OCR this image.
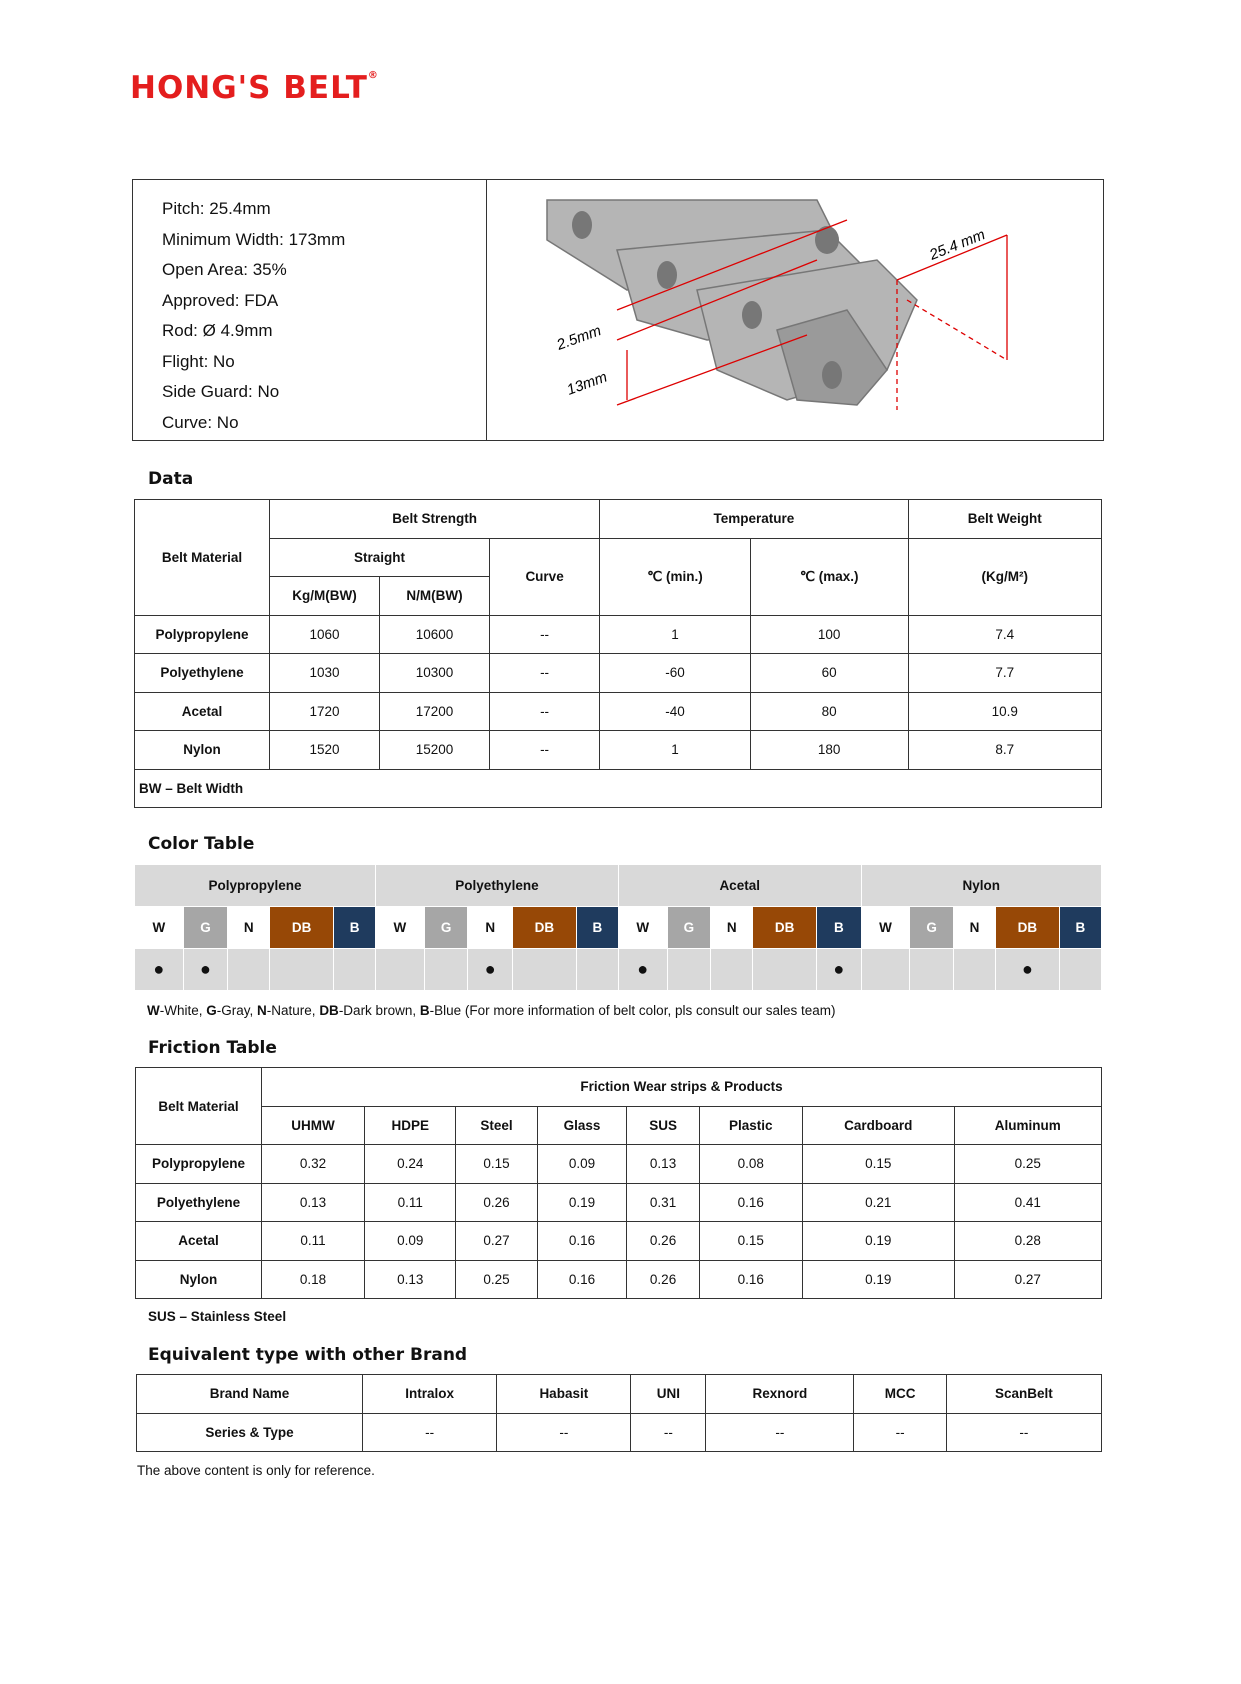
HONG'S BELT®
Pitch: 25.4mm
Minimum Width: 173mm
Open Area: 35%
Approved: FDA
Rod: Ø 4.9mm
Flight: No
Side Guard: No
Curve: No
25.4 mm
2.5mm
13mm
Data
Belt Material	Belt Strength			Temperature		Belt Weight
	Straight		Curve	℃ (min.)	℃ (max.)	(Kg/M²)
	Kg/M(BW)	N/M(BW)				
Polypropylene	1060	10600	--	1	100	7.4
Polyethylene	1030	10300	--	-60	60	7.7
Acetal	1720	17200	--	-40	80	10.9
Nylon	1520	15200	--	1	180	8.7
BW – Belt Width						
Color Table
Polypropylene					Polyethylene					Acetal					Nylon				
W	G	N	DB	B	W	G	N	DB	B	W	G	N	DB	B	W	G	N	DB	B
●	●						●			●				●				●	
W-White, G-Gray, N-Nature, DB-Dark brown, B-Blue (For more information of belt color, pls consult our sales team)
Friction Table
Belt Material	Friction Wear strips & Products							
	UHMW	HDPE	Steel	Glass	SUS	Plastic	Cardboard	Aluminum
Polypropylene	0.32	0.24	0.15	0.09	0.13	0.08	0.15	0.25
Polyethylene	0.13	0.11	0.26	0.19	0.31	0.16	0.21	0.41
Acetal	0.11	0.09	0.27	0.16	0.26	0.15	0.19	0.28
Nylon	0.18	0.13	0.25	0.16	0.26	0.16	0.19	0.27
SUS – Stainless Steel
Equivalent type with other Brand
Brand Name	Intralox	Habasit	UNI	Rexnord	MCC	ScanBelt
Series & Type	--	--	--	--	--	--
The above content is only for reference.
